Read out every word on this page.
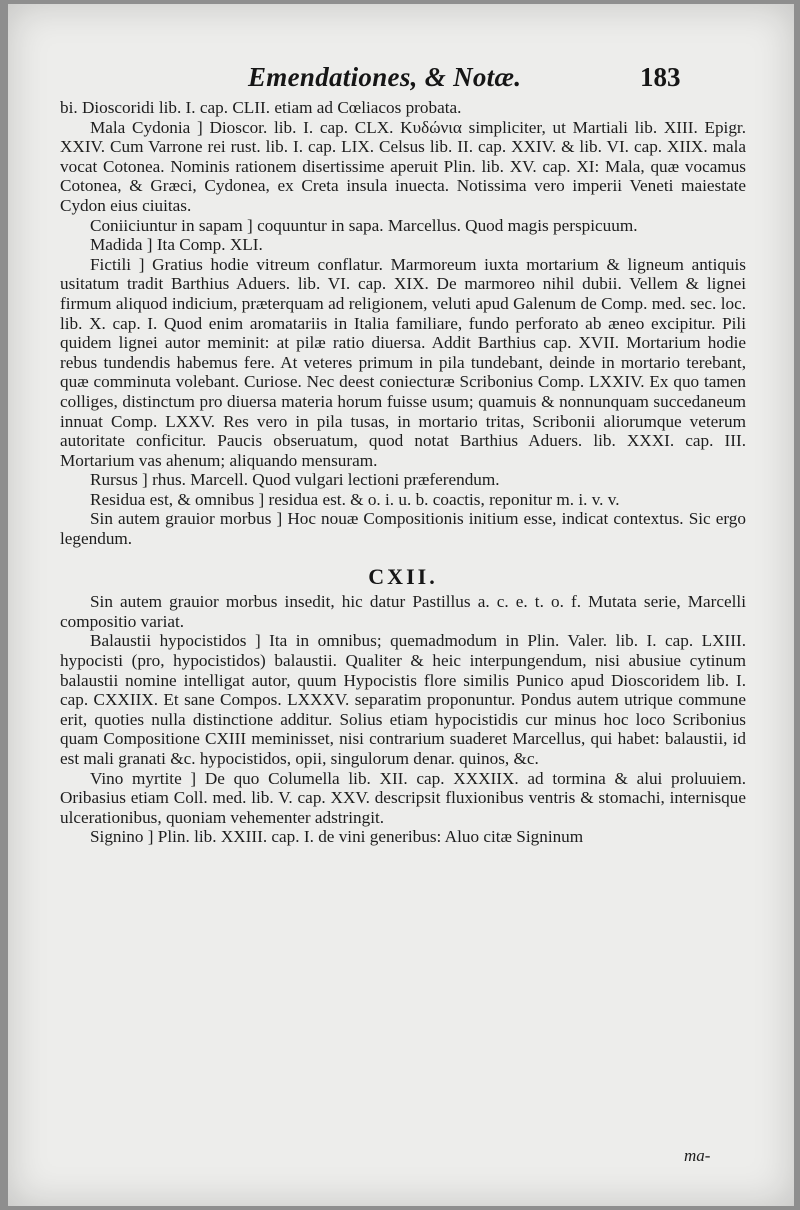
Emendationes, & Notæ.	183

bi. Dioscoridi lib. I. cap. CLII. etiam ad Cœliacos probata.

Mala Cydonia ] Dioscor. lib. I. cap. CLX. Κυδώνια simpliciter, ut Martiali lib. XIII. Epigr. XXIV. Cum Varrone rei rust. lib. I. cap. LIX. Celsus lib. II. cap. XXIV. & lib. VI. cap. XIIX. mala vocat Cotonea. Nominis rationem disertissime aperuit Plin. lib. XV. cap. XI: Mala, quæ vocamus Cotonea, & Græci, Cydonea, ex Creta insula inuecta. Notissima vero imperii Veneti maiestate Cydon eius ciuitas.

Coniiciuntur in sapam ] coquuntur in sapa. Marcellus. Quod magis perspicuum.

Madida ] Ita Comp. XLI.

Fictili ] Gratius hodie vitreum conflatur. Marmoreum iuxta mortarium & ligneum antiquis usitatum tradit Barthius Aduers. lib. VI. cap. XIX. De marmoreo nihil dubii. Vellem & lignei firmum aliquod indicium, præterquam ad religionem, veluti apud Galenum de Comp. med. sec. loc. lib. X. cap. I. Quod enim aromatariis in Italia familiare, fundo perforato ab æneo excipitur. Pili quidem lignei autor meminit: at pilæ ratio diuersa. Addit Barthius cap. XVII. Mortarium hodie rebus tundendis habemus fere. At veteres primum in pila tundebant, deinde in mortario terebant, quæ comminuta volebant. Curiose. Nec deest coniecturæ Scribonius Comp. LXXIV. Ex quo tamen colliges, distinctum pro diuersa materia horum fuisse usum; quamuis & nonnunquam succedaneum innuat Comp. LXXV. Res vero in pila tusas, in mortario tritas, Scribonii aliorumque veterum autoritate conficitur. Paucis obseruatum, quod notat Barthius Aduers. lib. XXXI. cap. III. Mortarium vas ahenum; aliquando mensuram.

Rursus ] rhus. Marcell. Quod vulgari lectioni præferendum.

Residua est, & omnibus ] residua est. & o. i. u. b. coactis, reponitur m. i. v. v.

Sin autem grauior morbus ] Hoc nouæ Compositionis initium esse, indicat contextus. Sic ergo legendum.

CXII.

Sin autem grauior morbus insedit, hic datur Pastillus a. c. e. t. o. f. Mutata serie, Marcelli compositio variat.

Balaustii hypocistidos ] Ita in omnibus; quemadmodum in Plin. Valer. lib. I. cap. LXIII. hypocisti (pro, hypocistidos) balaustii. Qualiter & heic interpungendum, nisi abusiue cytinum balaustii nomine intelligat autor, quum Hypocistis flore similis Punico apud Dioscoridem lib. I. cap. CXXIIX. Et sane Compos. LXXXV. separatim proponuntur. Pondus autem utrique commune erit, quoties nulla distinctione additur. Solius etiam hypocistidis cur minus hoc loco Scribonius quam Compositione CXIII meminisset, nisi contrarium suaderet Marcellus, qui habet: balaustii, id est mali granati &c. hypocistidos, opii, singulorum denar. quinos, &c.

Vino myrtite ] De quo Columella lib. XII. cap. XXXIIX. ad tormina & alui proluuiem. Oribasius etiam Coll. med. lib. V. cap. XXV. descripsit fluxionibus ventris & stomachi, internisque ulcerationibus, quoniam vehementer adstringit.

Signino ] Plin. lib. XXIII. cap. I. de vini generibus: Aluo citæ Signinum

ma-
